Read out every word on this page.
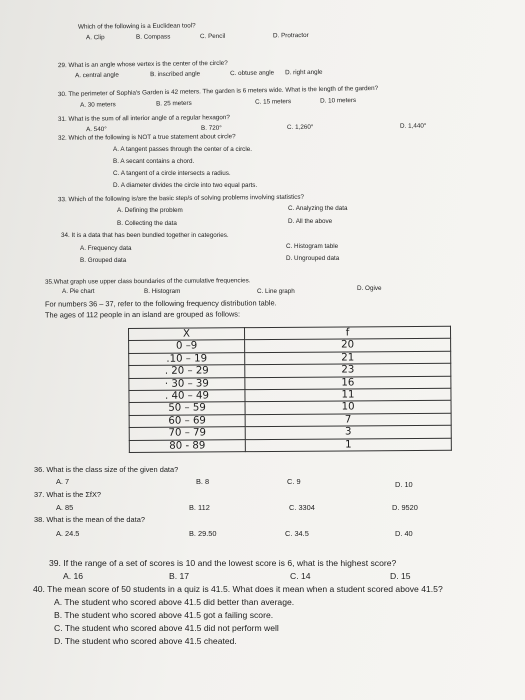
Which of the following is a Euclidean tool?
A. Clip	B. Compass	C. Pencil	D. Protractor
29. What is an angle whose vertex is the center of the circle?
A. central angle	B. inscribed angle	C. obtuse angle D. right angle
30. The perimeter of Sophia's Garden is 42 meters. The garden is 6 meters wide. What is the length of the garden?
A. 30 meters	B. 25 meters	C. 15 meters	D. 10 meters
31. What is the sum of all interior angle of a regular hexagon?
A. 540°	B. 720°	C. 1,260°	D. 1,440°
32. Which of the following is NOT a true statement about circle?
A. A tangent passes through the center of a circle.
B. A secant contains a chord.
C. A tangent of a circle intersects a radius.
D. A diameter divides the circle into two equal parts.
33. Which of the following is/are the basic step/s of solving problems involving statistics?
A. Defining the problem	C. Analyzing the data
B. Collecting the data	D. All the above
34. It is a data that has been bundled together in categories.
A. Frequency data	C. Histogram table
B. Grouped data	D. Ungrouped data
35.What graph use upper class boundaries of the cumulative frequencies.
A. Pie chart	B. Histogram	C. Line graph	D. Ogive
For numbers 36 – 37, refer to the following frequency distribution table.
The ages of 112 people in an island are grouped as follows:
X	f
0 –9	20
.10 – 19	21
. 20 – 29	23
· 30 – 39	16
. 40 – 49	11
50 – 59	10
60 – 69	7
70 – 79	3
80 - 89	1
36. What is the class size of the given data?
A. 7	B. 8	C. 9	D. 10
37. What is the ΣfX?
A. 85	B. 112	C. 3304	D. 9520
38. What is the mean of the data?
A. 24.5	B. 29.50	C. 34.5	D. 40
39. If the range of a set of scores is 10 and the lowest score is 6, what is the highest score?
A. 16	B. 17	C. 14	D. 15
40. The mean score of 50 students in a quiz is 41.5. What does it mean when a student scored above 41.5?
A. The student who scored above 41.5 did better than average.
B. The student who scored above 41.5 got a failing score.
C. The student who scored above 41.5 did not perform well
D. The student who scored above 41.5 cheated.
